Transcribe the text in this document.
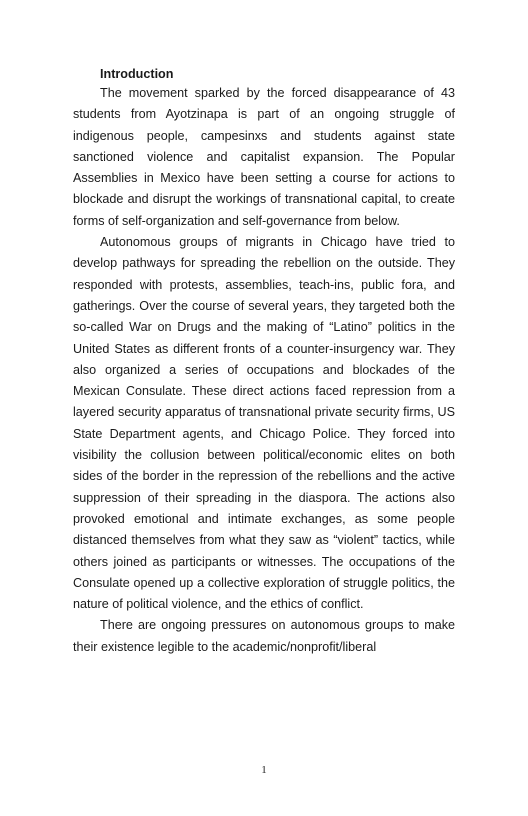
Introduction

The movement sparked by the forced disappearance of 43 students from Ayotzinapa is part of an ongoing struggle of indigenous people, campesinxs and students against state sanctioned violence and capitalist expansion. The Popular Assemblies in Mexico have been setting a course for actions to blockade and disrupt the workings of transnational capital, to create forms of self-organization and self-governance from below.

Autonomous groups of migrants in Chicago have tried to develop pathways for spreading the rebellion on the outside. They responded with protests, assemblies, teach-ins, public fora, and gatherings. Over the course of several years, they targeted both the so-called War on Drugs and the making of “Latino” politics in the United States as different fronts of a counter-insurgency war. They also organized a series of occupations and blockades of the Mexican Consulate. These direct actions faced repression from a layered security apparatus of transnational private security firms, US State Department agents, and Chicago Police. They forced into visibility the collusion between political/economic elites on both sides of the border in the repression of the rebellions and the active suppression of their spreading in the diaspora. The actions also provoked emotional and intimate exchanges, as some people distanced themselves from what they saw as “violent” tactics, while others joined as participants or witnesses. The occupations of the Consulate opened up a collective exploration of struggle politics, the nature of political violence, and the ethics of conflict.

There are ongoing pressures on autonomous groups to make their existence legible to the academic/nonprofit/liberal

1
